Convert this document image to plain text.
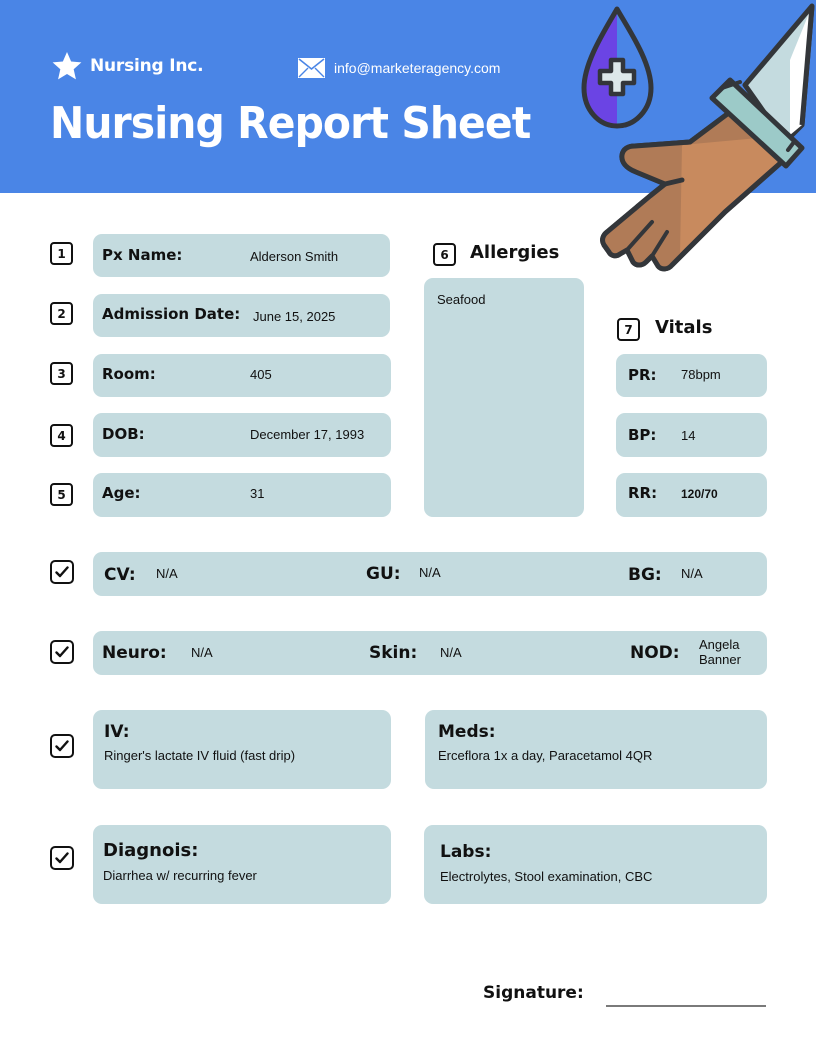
Nursing Inc.	info@marketeragency.com
Nursing Report Sheet
1	Px Name:	Alderson Smith
2	Admission Date: June 15, 2025
3	Room:	405
4	DOB:	December 17, 1993
5	Age:	31
6	Allergies
Seafood
7	Vitals
PR: 78bpm
BP: 14
RR: 120/70
CV: N/A	GU: N/A	BG: N/A
Neuro: N/A	Skin: N/A	NOD: Angela
Banner
IV:
Ringer's lactate IV fluid (fast drip)
Meds:
Erceflora 1x a day, Paracetamol 4QR
Diagnois:
Diarrhea w/ recurring fever
Labs:
Electrolytes, Stool examination, CBC
Signature:
